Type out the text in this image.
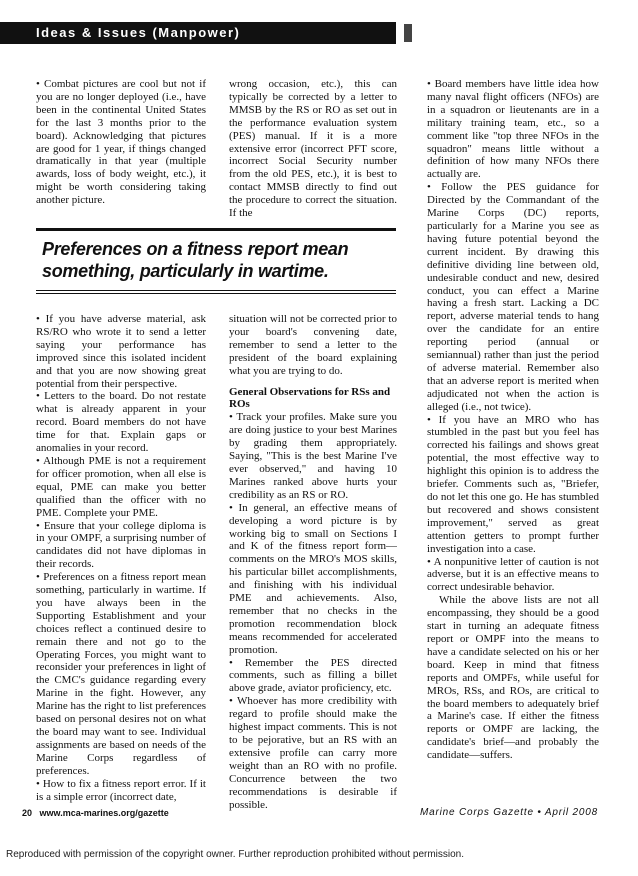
Ideas & Issues (Manpower)

• Combat pictures are cool but not if you are no longer deployed (i.e., have been in the continental United States for the last 3 months prior to the board). Acknowledging that pictures are good for 1 year, if things changed dramatically in that year (multiple awards, loss of body weight, etc.), it might be worth considering taking another picture.

wrong occasion, etc.), this can typically be corrected by a letter to MMSB by the RS or RO as set out in the performance evaluation system (PES) manual. If it is a more extensive error (incorrect PFT score, incorrect Social Security number from the old PES, etc.), it is best to contact MMSB directly to find out the procedure to correct the situation. If the

Preferences on a fitness report mean something, particularly in wartime.

• If you have adverse material, ask RS/RO who wrote it to send a letter saying your performance has improved since this isolated incident and that you are now showing great potential from their perspective.

• Letters to the board. Do not restate what is already apparent in your record. Board members do not have time for that. Explain gaps or anomalies in your record.

• Although PME is not a requirement for officer promotion, when all else is equal, PME can make you better qualified than the officer with no PME. Complete your PME.

• Ensure that your college diploma is in your OMPF, a surprising number of candidates did not have diplomas in their records.

• Preferences on a fitness report mean something, particularly in wartime. If you have always been in the Supporting Establishment and your choices reflect a continued desire to remain there and not go to the Operating Forces, you might want to reconsider your preferences in light of the CMC's guidance regarding every Marine in the fight. However, any Marine has the right to list preferences based on personal desires not on what the board may want to see. Individual assignments are based on needs of the Marine Corps regardless of preferences.

• How to fix a fitness report error. If it is a simple error (incorrect date,

situation will not be corrected prior to your board's convening date, remember to send a letter to the president of the board explaining what you are trying to do.

General Observations for RSs and ROs

• Track your profiles. Make sure you are doing justice to your best Marines by grading them appropriately. Saying, "This is the best Marine I've ever observed," and having 10 Marines ranked above hurts your credibility as an RS or RO.

• In general, an effective means of developing a word picture is by working big to small on Sections I and K of the fitness report form—comments on the MRO's MOS skills, his particular billet accomplishments, and finishing with his individual PME and achievements. Also, remember that no checks in the promotion recommendation block means recommended for accelerated promotion.

• Remember the PES directed comments, such as filling a billet above grade, aviator proficiency, etc.

• Whoever has more credibility with regard to profile should make the highest impact comments. This is not to be pejorative, but an RS with an extensive profile can carry more weight than an RO with no profile. Concurrence between the two recommendations is desirable if possible.

• Board members have little idea how many naval flight officers (NFOs) are in a squadron or lieutenants are in a military training team, etc., so a comment like "top three NFOs in the squadron" means little without a definition of how many NFOs there actually are.

• Follow the PES guidance for Directed by the Commandant of the Marine Corps (DC) reports, particularly for a Marine you see as having future potential beyond the current incident. By drawing this definitive dividing line between old, undesirable conduct and new, desired conduct, you can effect a Marine having a fresh start. Lacking a DC report, adverse material tends to hang over the candidate for an entire reporting period (annual or semiannual) rather than just the period of adverse material. Remember also that an adverse report is merited when adjudicated not when the action is alleged (i.e., not twice).

• If you have an MRO who has stumbled in the past but you feel has corrected his failings and shows great potential, the most effective way to highlight this opinion is to address the briefer. Comments such as, "Briefer, do not let this one go. He has stumbled but recovered and shows consistent improvement," served as great attention getters to prompt further investigation into a case.

• A nonpunitive letter of caution is not adverse, but it is an effective means to correct undesirable behavior.

While the above lists are not all encompassing, they should be a good start in turning an adequate fitness report or OMPF into the means to have a candidate selected on his or her board. Keep in mind that fitness reports and OMPFs, while useful for MROs, RSs, and ROs, are critical to the board members to adequately brief a Marine's case. If either the fitness reports or OMPF are lacking, the candidate's brief—and probably the candidate—suffers.

20 www.mca-marines.org/gazette	Marine Corps Gazette • April 2008
Reproduced with permission of the copyright owner. Further reproduction prohibited without permission.
